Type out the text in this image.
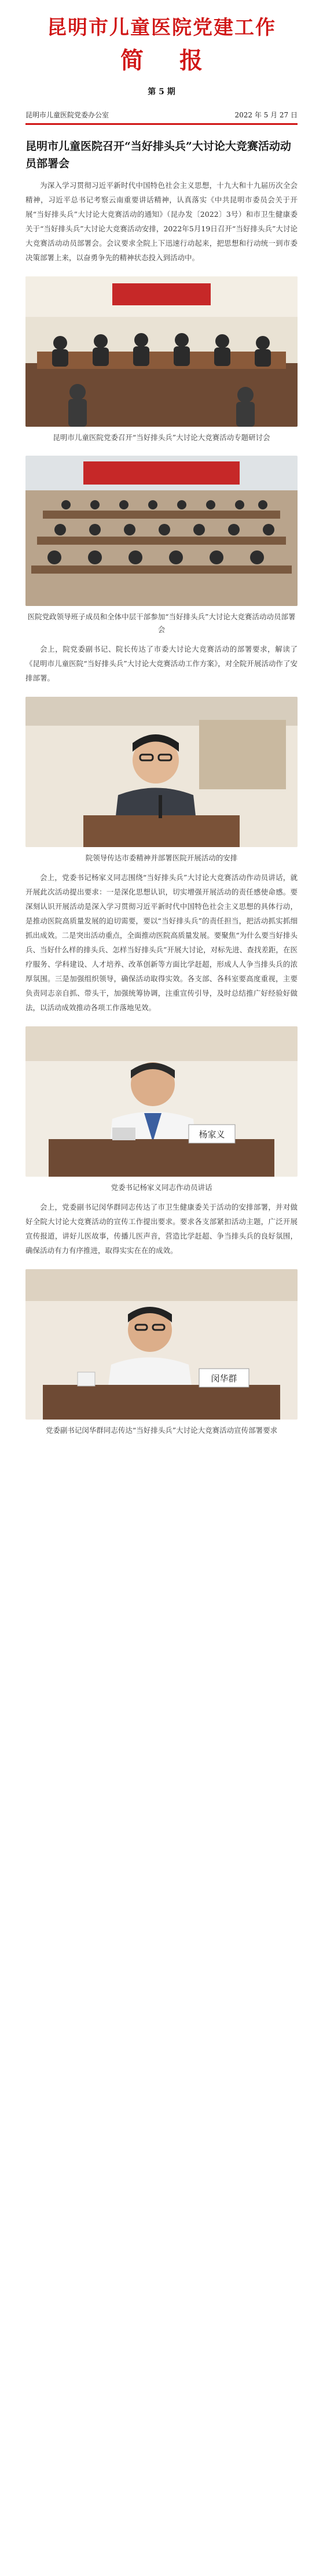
昆明市儿童医院党建工作
简 报
第 5 期
昆明市儿童医院党委办公室	2022 年 5 月 27 日
昆明市儿童医院召开“当好排头兵”大讨论大竞赛活动动员部署会

为深入学习贯彻习近平新时代中国特色社会主义思想，十九大和十九届历次全会精神，习近平总书记考察云南重要讲话精神，认真落实《中共昆明市委员会关于开展“当好排头兵”大讨论大竞赛活动的通知》（昆办发〔2022〕3号）和市卫生健康委关于“当好排头兵”大讨论大竞赛活动安排，2022年5月19日召开“当好排头兵”大讨论大竞赛活动动员部署会。会议要求全院上下迅速行动起来，把思想和行动统一到市委决策部署上来，以奋勇争先的精神状态投入到活动中。

昆明市儿童医院党委召开“当好排头兵”大讨论大竞赛活动专题研讨会
医院党政领导班子成员和全体中层干部参加“当好排头兵”大讨论大竞赛活动动员部署会

会上，院党委副书记、院长传达了市委大讨论大竞赛活动的部署要求，解读了《昆明市儿童医院“当好排头兵”大讨论大竞赛活动工作方案》，对全院开展活动作了安排部署。

院领导传达市委精神并部署医院开展活动的安排

会上，党委书记杨家义同志围绕“当好排头兵”大讨论大竞赛活动作动员讲话，就开展此次活动提出要求：一是深化思想认识，切实增强开展活动的责任感使命感。要深刻认识开展活动是深入学习贯彻习近平新时代中国特色社会主义思想的具体行动，是推动医院高质量发展的迫切需要，要以“当好排头兵”的责任担当，把活动抓实抓细抓出成效。二是突出活动重点，全面推动医院高质量发展。要聚焦“为什么要当好排头兵、当好什么样的排头兵、怎样当好排头兵”开展大讨论，对标先进、查找差距，在医疗服务、学科建设、人才培养、改革创新等方面比学赶超，形成人人争当排头兵的浓厚氛围。三是加强组织领导，确保活动取得实效。各支部、各科室要高度重视，主要负责同志亲自抓、带头干，加强统筹协调，注重宣传引导，及时总结推广好经验好做法，以活动成效推动各项工作落地见效。

杨家义
党委书记杨家义同志作动员讲话

会上，党委副书记闵华群同志传达了市卫生健康委关于活动的安排部署，并对做好全院大讨论大竞赛活动的宣传工作提出要求。要求各支部紧扣活动主题，广泛开展宣传报道，讲好儿医故事，传播儿医声音，营造比学赶超、争当排头兵的良好氛围，确保活动有力有序推进，取得实实在在的成效。

闵华群
党委副书记闵华群同志传达“当好排头兵”大讨论大竞赛活动宣传部署要求
